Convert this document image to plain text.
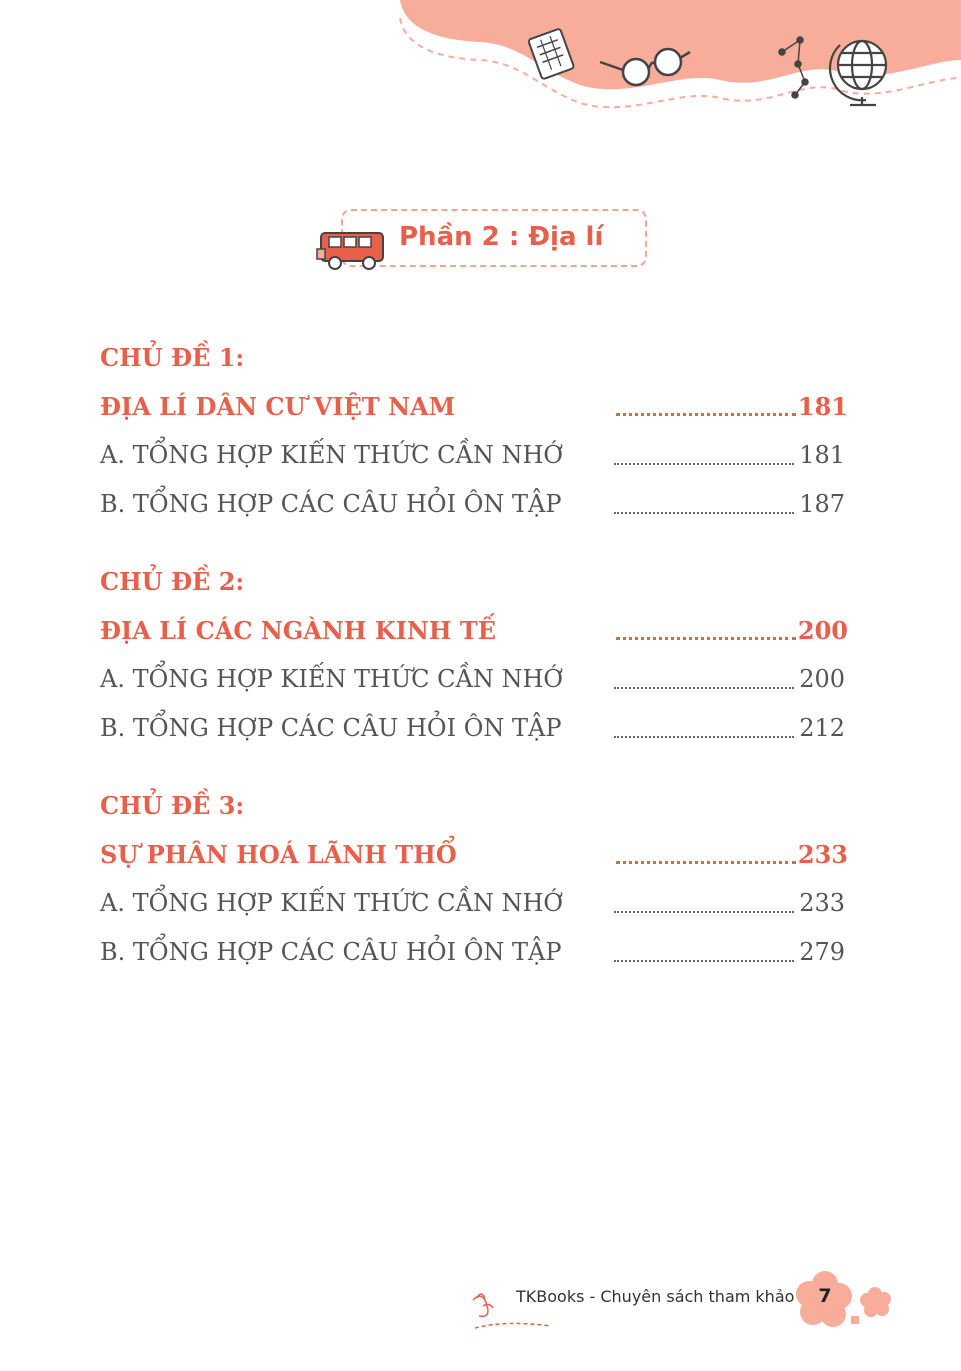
Phần 2 : Địa lí
CHỦ ĐỀ 1:
ĐỊA LÍ DÂN CƯ VIỆT NAM	181
A. TỔNG HỢP KIẾN THỨC CẦN NHỚ	181
B. TỔNG HỢP CÁC CÂU HỎI ÔN TẬP	187
CHỦ ĐỀ 2:
ĐỊA LÍ CÁC NGÀNH KINH TẾ	200
A. TỔNG HỢP KIẾN THỨC CẦN NHỚ	200
B. TỔNG HỢP CÁC CÂU HỎI ÔN TẬP	212
CHỦ ĐỀ 3:
SỰ PHÂN HOÁ LÃNH THỔ	233
A. TỔNG HỢP KIẾN THỨC CẦN NHỚ	233
B. TỔNG HỢP CÁC CÂU HỎI ÔN TẬP	279
TKBooks - Chuyên sách tham khảo 7
